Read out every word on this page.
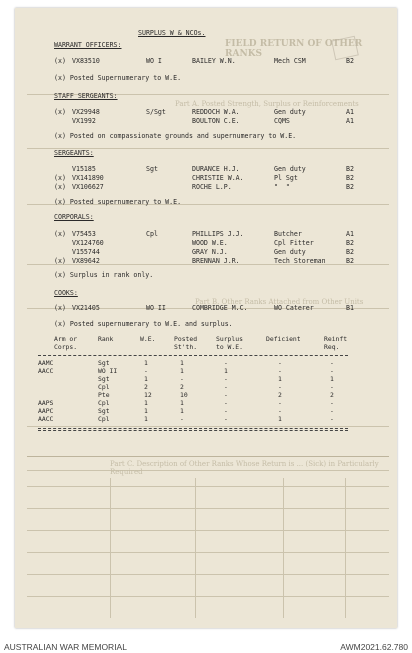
FIELD RETURN OF OTHER RANKS
Part A. Posted Strength, Surplus or Reinforcements
Part B. Other Ranks Attached from Other Units
Part C. Description of Other Ranks Whose Return is ... (Sick) in Particularly Required
SURPLUS W & NCOs.
WARRANT OFFICERS:
(x) VX83510	WO I	BAILEY W.N.	Mech CSM	B2
(x) Posted Supernumerary to W.E.
STAFF SERGEANTS:
(x) VX29948	S/Sgt	REDDOCH W.A.	Gen duty	A1
VX1992	BOULTON C.E.	CQMS	A1
(x) Posted on compassionate grounds and supernumerary to W.E.
SERGEANTS:
V15185	Sgt	DURANCE H.J.	Gen duty	B2
(x) VX141890	CHRISTIE W.A.	Pl Sgt	B2
(x) VX106627	ROCHE L.P.	"  "	B2
(x) Posted supernumerary to W.E.
CORPORALS:
(x) V75453	Cpl	PHILLIPS J.J.	Butcher	A1
VX124760	WOOD W.E.	Cpl Fitter	B2
V155744	GRAY N.J.	Gen duty	B2
(x) VX89642	BRENNAN J.R.	Tech Storeman	B2
(x) Surplus in rank only.
COOKS:
(x) VX21405	WO II	COMBRIDGE M.C.	WO Caterer	B1
(x) Posted supernumerary to W.E. and surplus.
Arm or
Corps.
Rank	W.E.	Posted
St'th.
Surplus
to W.E.
Deficient	Reinft
Req.
AAMC	Sgt	1	1	-	-	-
AACC	WO II	-	1	1	-	-
Sgt	1	-	-	1	1
Cpl	2	2	-	-	-
Pte	12	10	-	2	2
AAPS	Cpl	1	1	-	-	-
AAPC	Sgt	1	1	-	-	-
AACC	Cpl	1	-	-	1	-
AUSTRALIAN WAR MEMORIAL	AWM2021.62.780
